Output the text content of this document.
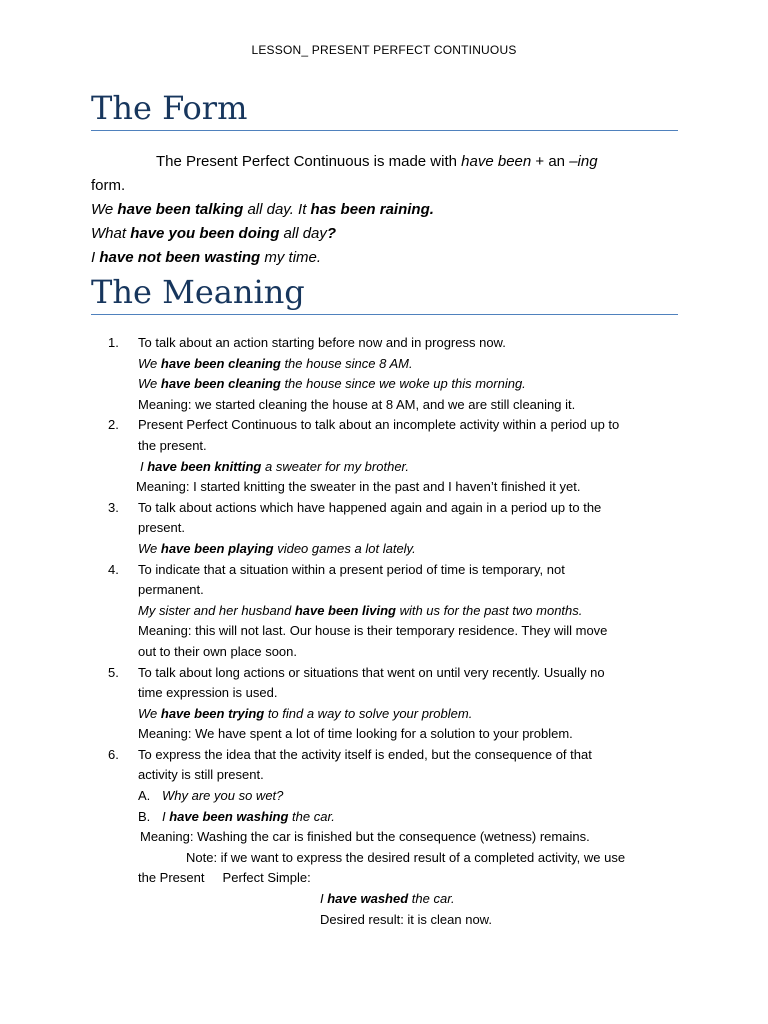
LESSON_ PRESENT PERFECT CONTINUOUS
The Form

The Present Perfect Continuous is made with have been + an –ing

form.

We have been talking all day. It has been raining.

What have you been doing all day?

I have not been wasting my time.

The Meaning
1.	To talk about an action starting before now and in progress now.
We have been cleaning the house since 8 AM.
We have been cleaning the house since we woke up this morning.
Meaning: we started cleaning the house at 8 AM, and we are still cleaning it.
2.	Present Perfect Continuous to talk about an incomplete activity within a period up to
the present.
I have been knitting a sweater for my brother.
Meaning: I started knitting the sweater in the past and I haven’t finished it yet.
3.	To talk about actions which have happened again and again in a period up to the
present.
We have been playing video games a lot lately.
4.	To indicate that a situation within a present period of time is temporary, not
permanent.
My sister and her husband have been living with us for the past two months.
Meaning: this will not last. Our house is their temporary residence. They will move
out to their own place soon.
5.	To talk about long actions or situations that went on until very recently. Usually no
time expression is used.
We have been trying to find a way to solve your problem.
Meaning: We have spent a lot of time looking for a solution to your problem.
6.	To express the idea that the activity itself is ended, but the consequence of that
activity is still present.
A. Why are you so wet?
B. I have been washing the car.
Meaning: Washing the car is finished but the consequence (wetness) remains.
Note: if we want to express the desired result of a completed activity, we use
the Present     Perfect Simple:
I have washed the car.
Desired result: it is clean now.
